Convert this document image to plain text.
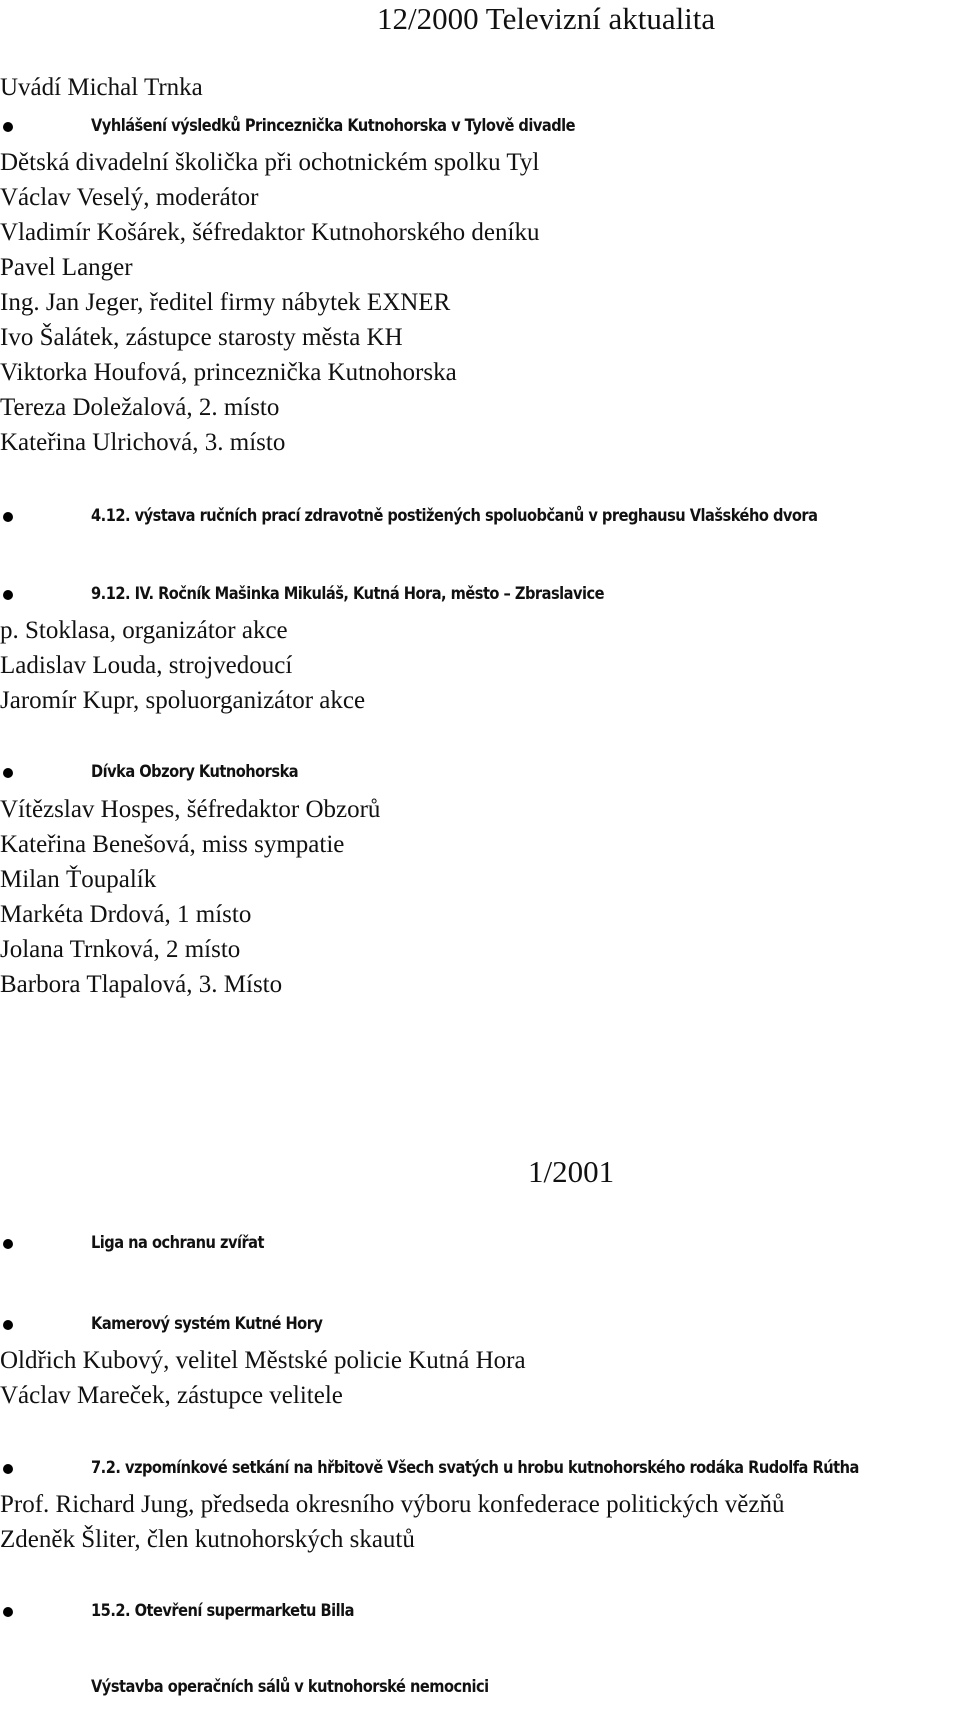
12/2000 Televizní aktualita
Uvádí Michal Trnka
Vyhlášení výsledků Princeznička Kutnohorska v Tylově divadle
Dětská divadelní školička při ochotnickém spolku Tyl
Václav Veselý, moderátor
Vladimír Košárek, šéfredaktor Kutnohorského deníku
Pavel Langer
Ing. Jan Jeger, ředitel firmy nábytek EXNER
Ivo Šalátek, zástupce starosty města KH
Viktorka Houfová, princeznička Kutnohorska
Tereza Doležalová, 2. místo
Kateřina Ulrichová, 3. místo
4.12. výstava ručních prací zdravotně postižených spoluobčanů v preghausu Vlašského dvora
9.12. IV. Ročník Mašinka Mikuláš, Kutná Hora, město – Zbraslavice
p. Stoklasa, organizátor akce
Ladislav Louda, strojvedoucí
Jaromír Kupr, spoluorganizátor akce
Dívka Obzory Kutnohorska
Vítězslav Hospes, šéfredaktor Obzorů
Kateřina Benešová, miss sympatie
Milan Ťoupalík
Markéta Drdová, 1 místo
Jolana Trnková, 2 místo
Barbora Tlapalová, 3. Místo
1/2001
Liga na ochranu zvířat
Kamerový systém Kutné Hory
Oldřich Kubový, velitel Městské policie Kutná Hora
Václav Mareček, zástupce velitele
7.2. vzpomínkové setkání na hřbitově Všech svatých u hrobu kutnohorského rodáka Rudolfa Rútha
Prof. Richard Jung, předseda okresního výboru konfederace politických vězňů
Zdeněk Šliter, člen kutnohorských skautů
15.2. Otevření supermarketu Billa
Výstavba operačních sálů v kutnohorské nemocnici
